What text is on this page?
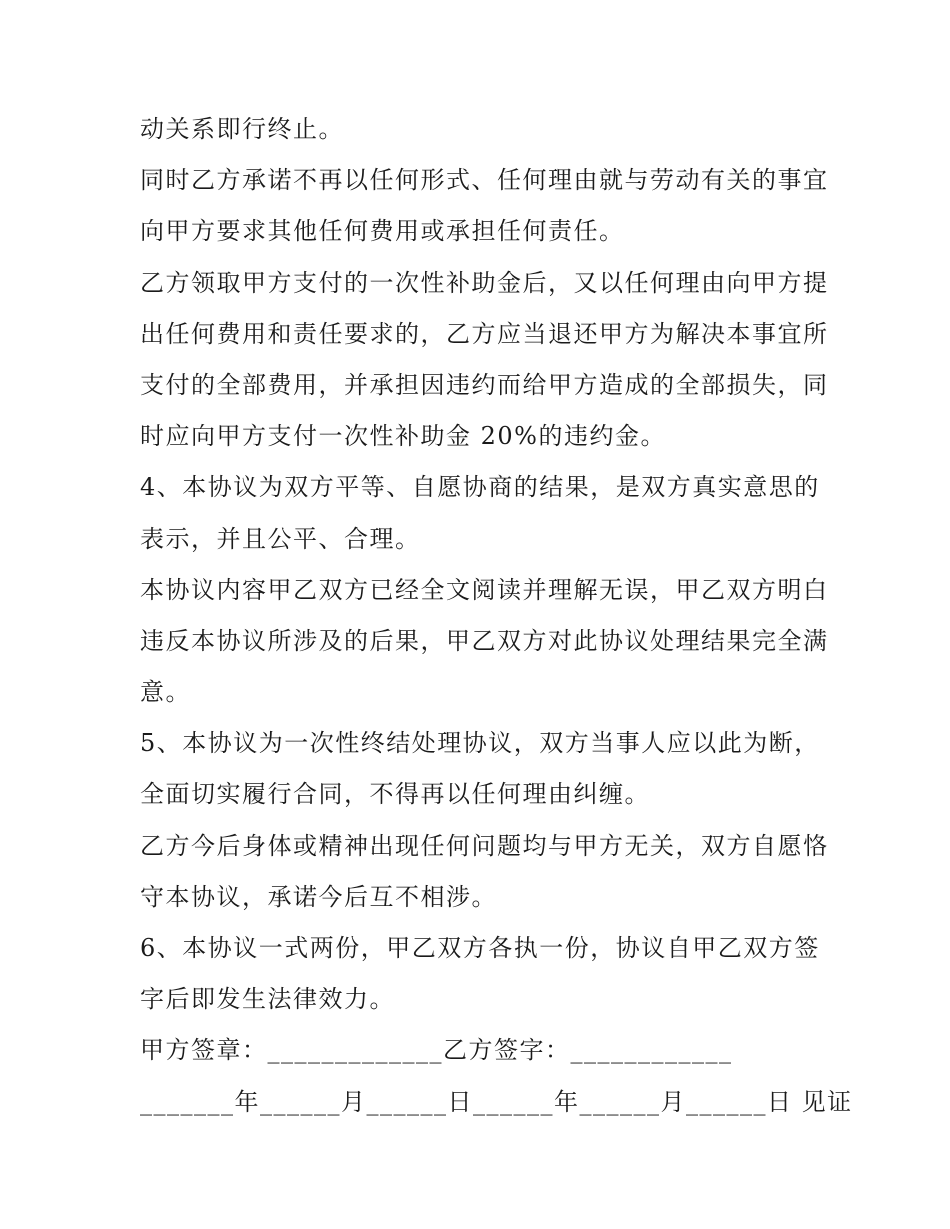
动关系即行终止。
同时乙方承诺不再以任何形式、任何理由就与劳动有关的事宜
向甲方要求其他任何费用或承担任何责任。
乙方领取甲方支付的一次性补助金后，又以任何理由向甲方提
出任何费用和责任要求的，乙方应当退还甲方为解决本事宜所
支付的全部费用，并承担因违约而给甲方造成的全部损失，同
时应向甲方支付一次性补助金 20%的违约金。
4、本协议为双方平等、自愿协商的结果，是双方真实意思的
表示，并且公平、合理。
本协议内容甲乙双方已经全文阅读并理解无误，甲乙双方明白
违反本协议所涉及的后果，甲乙双方对此协议处理结果完全满
意。
5、本协议为一次性终结处理协议，双方当事人应以此为断，
全面切实履行合同，不得再以任何理由纠缠。
乙方今后身体或精神出现任何问题均与甲方无关，双方自愿恪
守本协议，承诺今后互不相涉。
6、本协议一式两份，甲乙双方各执一份，协议自甲乙双方签
字后即发生法律效力。
甲方签章：_____________乙方签字：____________
_______年______月______日______年______月______日 见证
